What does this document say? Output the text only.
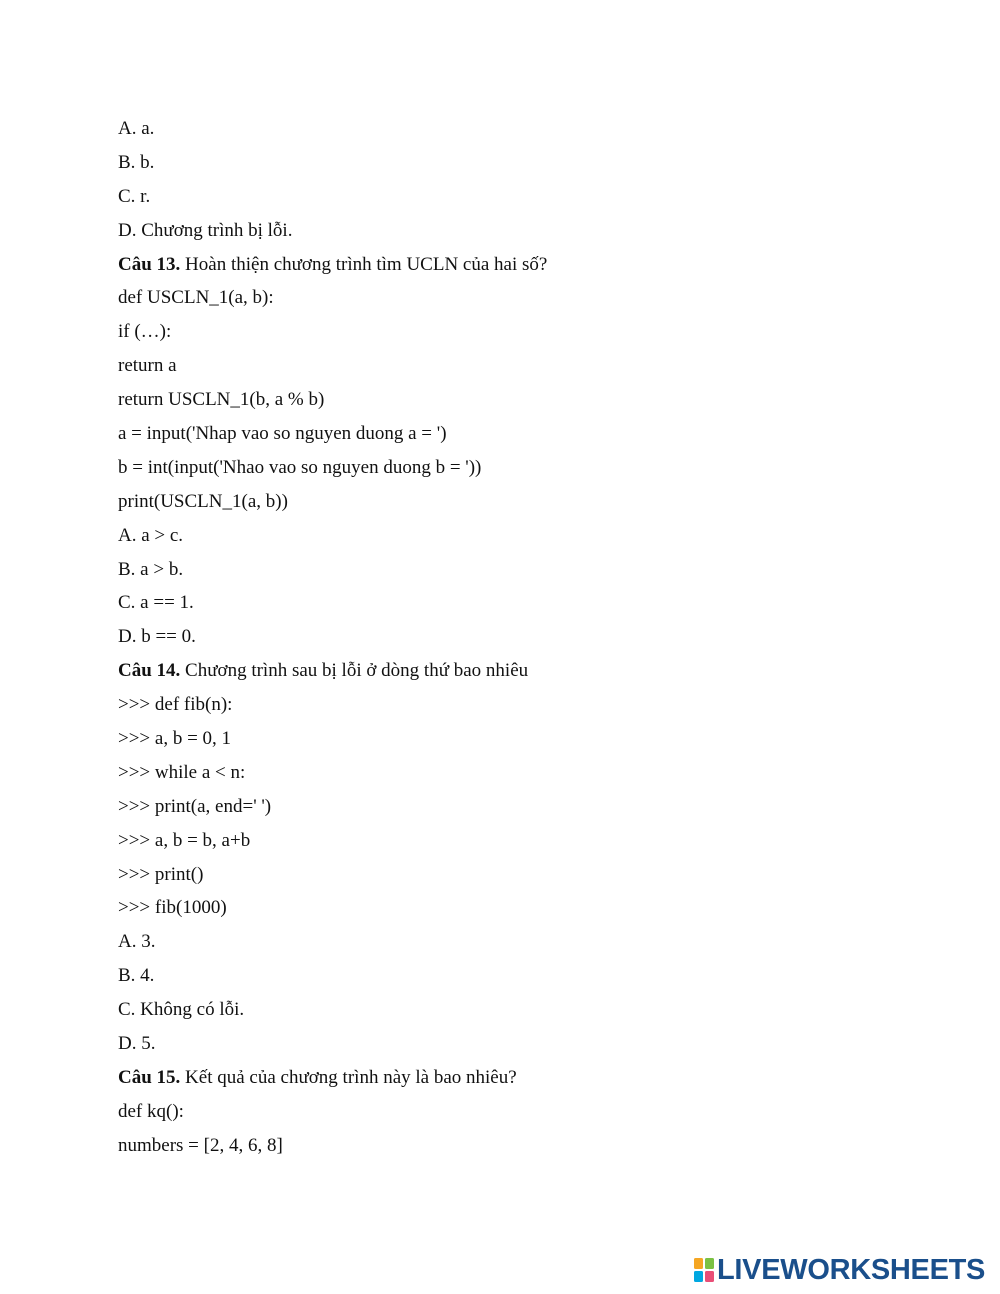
A. a.
B. b.
C. r.
D. Chương trình bị lỗi.
Câu 13. Hoàn thiện chương trình tìm UCLN của hai số?
def USCLN_1(a, b):
if (…):
return a
return USCLN_1(b, a % b)
a = input('Nhap vao so nguyen duong a = ')
b = int(input('Nhao vao so nguyen duong b = '))
print(USCLN_1(a, b))
A. a > c.
B. a > b.
C. a == 1.
D. b == 0.
Câu 14. Chương trình sau bị lỗi ở dòng thứ bao nhiêu
>>> def fib(n):
>>> a, b = 0, 1
>>> while a < n:
>>> print(a, end=' ')
>>> a, b = b, a+b
>>> print()
>>> fib(1000)
A. 3.
B. 4.
C. Không có lỗi.
D. 5.
Câu 15. Kết quả của chương trình này là bao nhiêu?
def kq():
numbers = [2, 4, 6, 8]
LIVEWORKSHEETS
